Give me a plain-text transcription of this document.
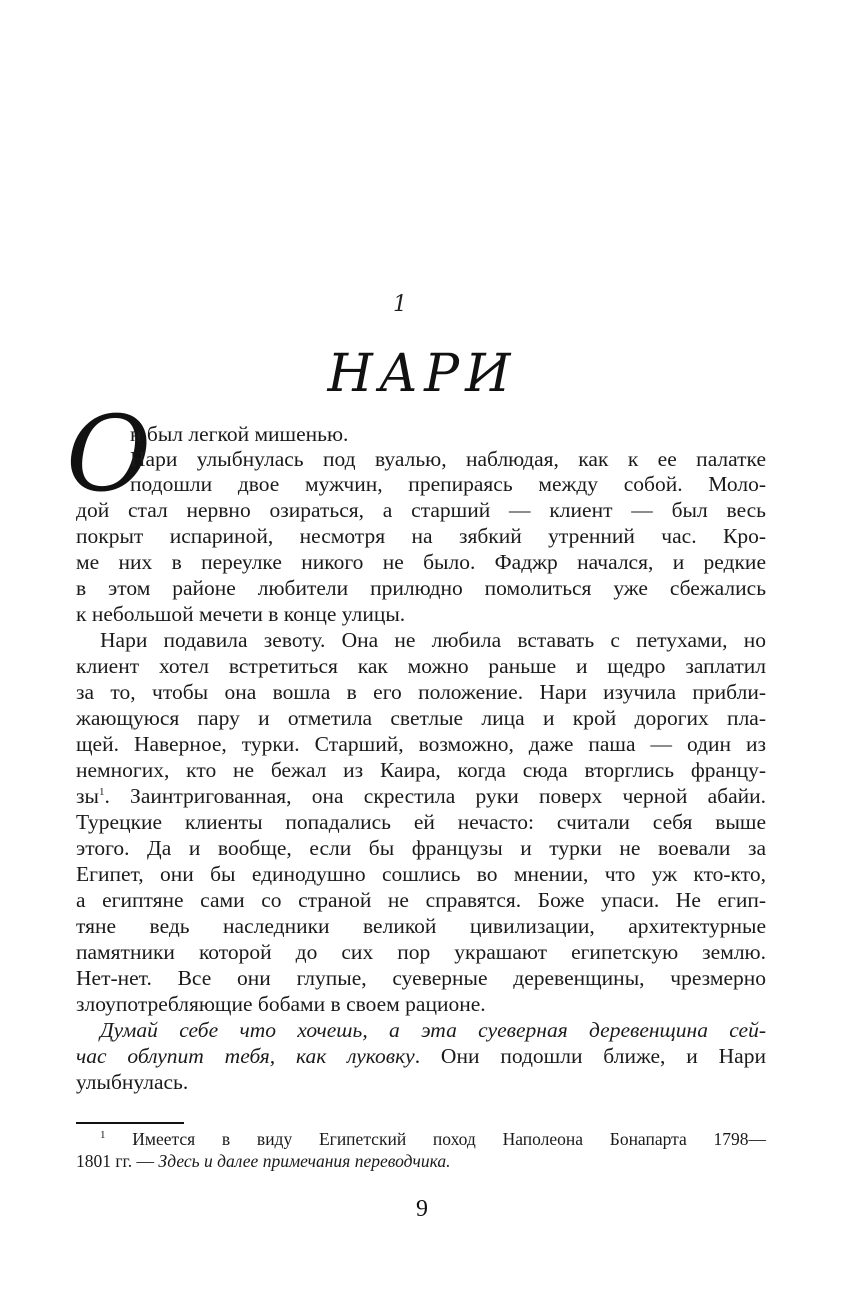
1
НАРИ
О
н был легкой мишенью.
Нари улыбнулась под вуалью, наблюдая, как к ее палатке
подошли двое мужчин, препираясь между собой. Моло-
дой стал нервно озираться, а старший — клиент — был весь
покрыт испариной, несмотря на зябкий утренний час. Кро-
ме них в переулке никого не было. Фаджр начался, и редкие
в этом районе любители прилюдно помолиться уже сбежались
к небольшой мечети в конце улицы.
Нари подавила зевоту. Она не любила вставать с петухами, но
клиент хотел встретиться как можно раньше и щедро заплатил
за то, чтобы она вошла в его положение. Нари изучила прибли-
жающуюся пару и отметила светлые лица и крой дорогих пла-
щей. Наверное, турки. Старший, возможно, даже паша — один из
немногих, кто не бежал из Каира, когда сюда вторглись францу-
зы$^1$. Заинтригованная, она скрестила руки поверх черной абайи.
Турецкие клиенты попадались ей нечасто: считали себя выше
этого. Да и вообще, если бы французы и турки не воевали за
Египет, они бы единодушно сошлись во мнении, что уж кто-кто,
а египтяне сами со страной не справятся. Боже упаси. Не егип-
тяне ведь наследники великой цивилизации, архитектурные
памятники которой до сих пор украшают египетскую землю.
Нет-нет. Все они глупые, суеверные деревенщины, чрезмерно
злоупотребляющие бобами в своем рационе.
Думай себе что хочешь, а эта суеверная деревенщина сей-
час облупит тебя, как луковку. Они подошли ближе, и Нари
улыбнулась.
$^1$ Имеется в виду Египетский поход Наполеона Бонапарта 1798—
1801 гг. — Здесь и далее примечания переводчика.
9
